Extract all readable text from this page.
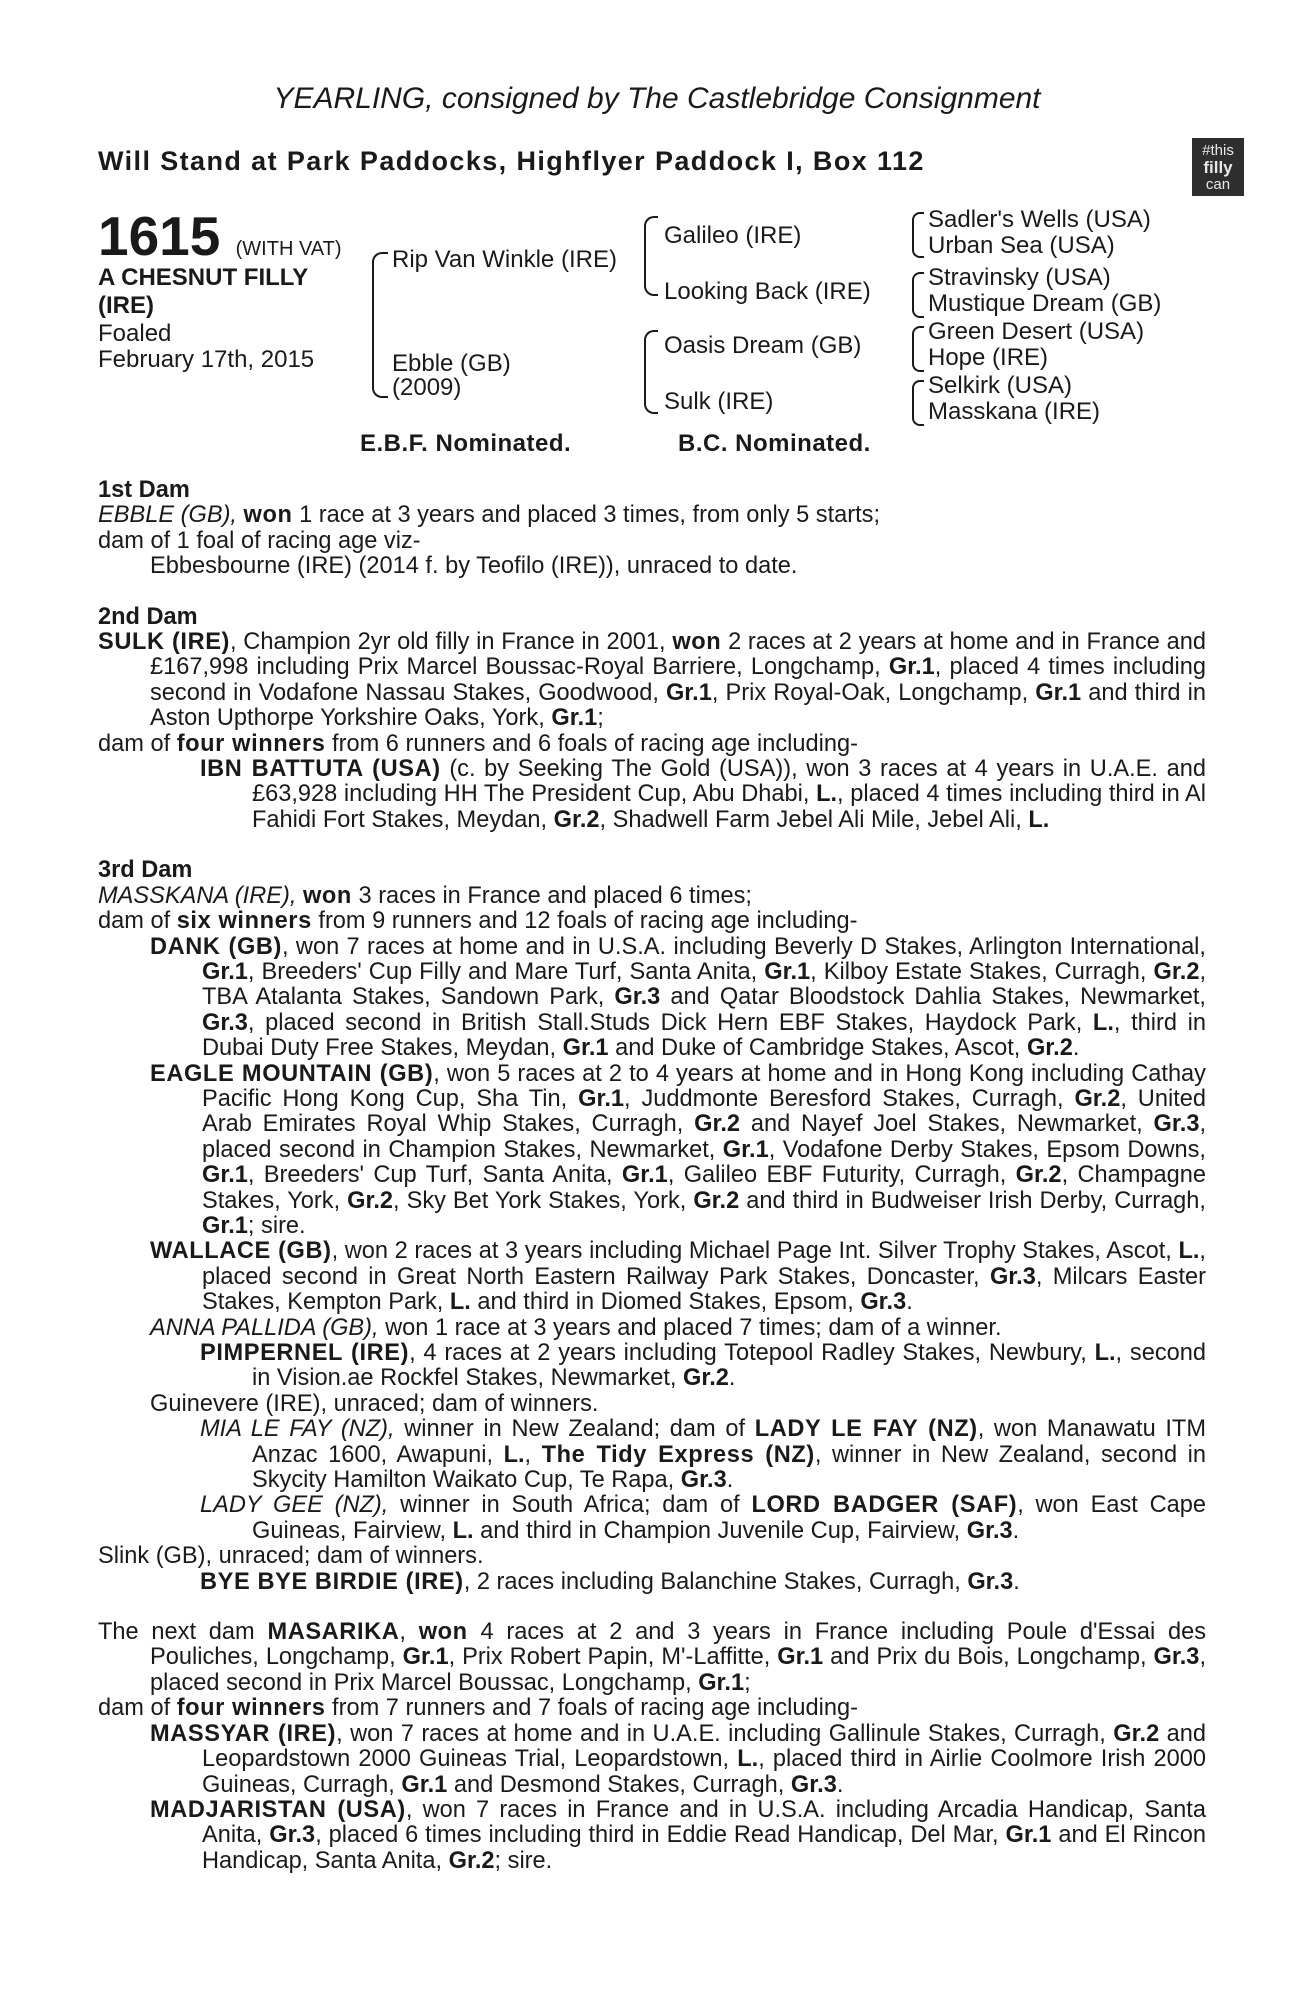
YEARLING, consigned by The Castlebridge Consignment
Will Stand at Park Paddocks, Highflyer Paddock I, Box 112	#this
filly
can
1615 (WITH VAT)
A CHESNUT FILLY
(IRE)
Foaled
February 17th, 2015
Rip Van Winkle (IRE)
Ebble (GB)
(2009)
Galileo (IRE)
Looking Back (IRE)
Oasis Dream (GB)
Sulk (IRE)
Sadler's Wells (USA)
Urban Sea (USA)
Stravinsky (USA)
Mustique Dream (GB)
Green Desert (USA)
Hope (IRE)
Selkirk (USA)
Masskana (IRE)
E.B.F. Nominated.	B.C. Nominated.

1st Dam

EBBLE (GB), won 1 race at 3 years and placed 3 times, from only 5 starts;

dam of 1 foal of racing age viz-

Ebbesbourne (IRE) (2014 f. by Teofilo (IRE)), unraced to date.

2nd Dam

SULK (IRE), Champion 2yr old filly in France in 2001, won 2 races at 2 years at home and in France and £167,998 including Prix Marcel Boussac-Royal Barriere, Longchamp, Gr.1, placed 4 times including second in Vodafone Nassau Stakes, Goodwood, Gr.1, Prix Royal-Oak, Longchamp, Gr.1 and third in Aston Upthorpe Yorkshire Oaks, York, Gr.1;

dam of four winners from 6 runners and 6 foals of racing age including-

IBN BATTUTA (USA) (c. by Seeking The Gold (USA)), won 3 races at 4 years in U.A.E. and £63,928 including HH The President Cup, Abu Dhabi, L., placed 4 times including third in Al Fahidi Fort Stakes, Meydan, Gr.2, Shadwell Farm Jebel Ali Mile, Jebel Ali, L.

3rd Dam

MASSKANA (IRE), won 3 races in France and placed 6 times;

dam of six winners from 9 runners and 12 foals of racing age including-

DANK (GB), won 7 races at home and in U.S.A. including Beverly D Stakes, Arlington International, Gr.1, Breeders' Cup Filly and Mare Turf, Santa Anita, Gr.1, Kilboy Estate Stakes, Curragh, Gr.2, TBA Atalanta Stakes, Sandown Park, Gr.3 and Qatar Bloodstock Dahlia Stakes, Newmarket, Gr.3, placed second in British Stall.Studs Dick Hern EBF Stakes, Haydock Park, L., third in Dubai Duty Free Stakes, Meydan, Gr.1 and Duke of Cambridge Stakes, Ascot, Gr.2.

EAGLE MOUNTAIN (GB), won 5 races at 2 to 4 years at home and in Hong Kong including Cathay Pacific Hong Kong Cup, Sha Tin, Gr.1, Juddmonte Beresford Stakes, Curragh, Gr.2, United Arab Emirates Royal Whip Stakes, Curragh, Gr.2 and Nayef Joel Stakes, Newmarket, Gr.3, placed second in Champion Stakes, Newmarket, Gr.1, Vodafone Derby Stakes, Epsom Downs, Gr.1, Breeders' Cup Turf, Santa Anita, Gr.1, Galileo EBF Futurity, Curragh, Gr.2, Champagne Stakes, York, Gr.2, Sky Bet York Stakes, York, Gr.2 and third in Budweiser Irish Derby, Curragh, Gr.1; sire.

WALLACE (GB), won 2 races at 3 years including Michael Page Int. Silver Trophy Stakes, Ascot, L., placed second in Great North Eastern Railway Park Stakes, Doncaster, Gr.3, Milcars Easter Stakes, Kempton Park, L. and third in Diomed Stakes, Epsom, Gr.3.

ANNA PALLIDA (GB), won 1 race at 3 years and placed 7 times; dam of a winner.

PIMPERNEL (IRE), 4 races at 2 years including Totepool Radley Stakes, Newbury, L., second in Vision.ae Rockfel Stakes, Newmarket, Gr.2.

Guinevere (IRE), unraced; dam of winners.

MIA LE FAY (NZ), winner in New Zealand; dam of LADY LE FAY (NZ), won Manawatu ITM Anzac 1600, Awapuni, L., The Tidy Express (NZ), winner in New Zealand, second in Skycity Hamilton Waikato Cup, Te Rapa, Gr.3.

LADY GEE (NZ), winner in South Africa; dam of LORD BADGER (SAF), won East Cape Guineas, Fairview, L. and third in Champion Juvenile Cup, Fairview, Gr.3.

Slink (GB), unraced; dam of winners.

BYE BYE BIRDIE (IRE), 2 races including Balanchine Stakes, Curragh, Gr.3.

The next dam MASARIKA, won 4 races at 2 and 3 years in France including Poule d'Essai des Pouliches, Longchamp, Gr.1, Prix Robert Papin, M'-Laffitte, Gr.1 and Prix du Bois, Longchamp, Gr.3, placed second in Prix Marcel Boussac, Longchamp, Gr.1;

dam of four winners from 7 runners and 7 foals of racing age including-

MASSYAR (IRE), won 7 races at home and in U.A.E. including Gallinule Stakes, Curragh, Gr.2 and Leopardstown 2000 Guineas Trial, Leopardstown, L., placed third in Airlie Coolmore Irish 2000 Guineas, Curragh, Gr.1 and Desmond Stakes, Curragh, Gr.3.

MADJARISTAN (USA), won 7 races in France and in U.S.A. including Arcadia Handicap, Santa Anita, Gr.3, placed 6 times including third in Eddie Read Handicap, Del Mar, Gr.1 and El Rincon Handicap, Santa Anita, Gr.2; sire.
